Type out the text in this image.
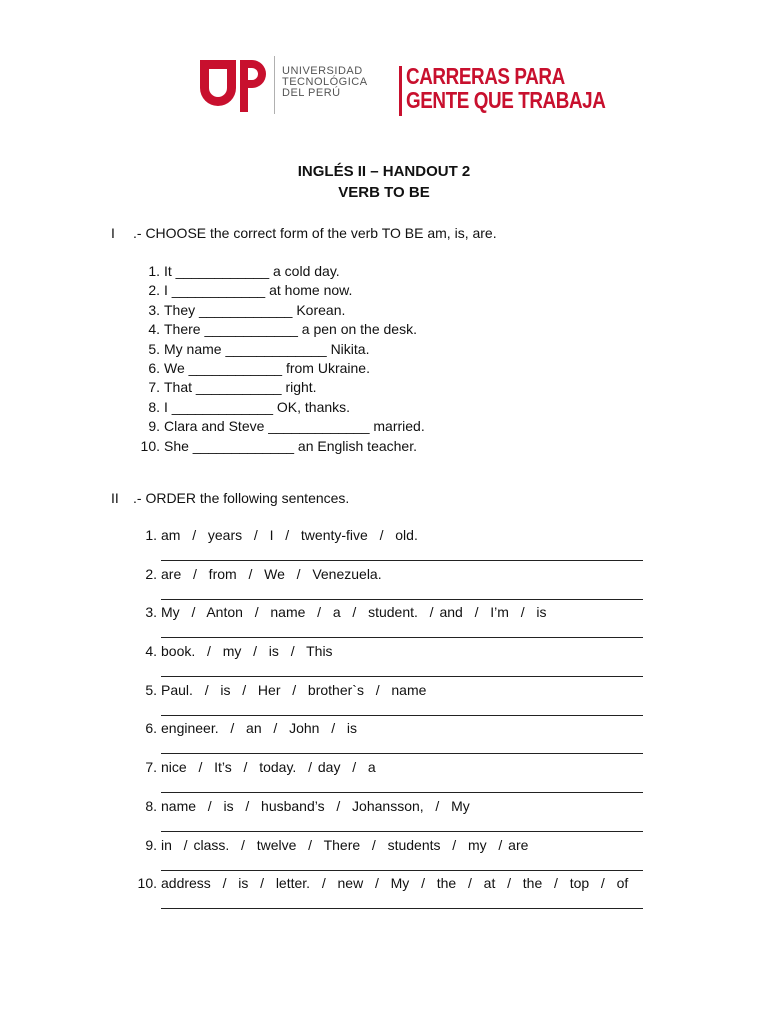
UNIVERSIDAD
TECNOLÓGICA
DEL PERÚ
CARRERAS PARA
GENTE QUE TRABAJA
INGLÉS II – HANDOUT 2
VERB TO BE
I .- CHOOSE the correct form of the verb TO BE am, is, are.
1. It ____________ a cold day.
2. I ____________ at home now.
3. They ____________ Korean.
4. There ____________ a pen on the desk.
5. My name _____________ Nikita.
6. We ____________ from Ukraine.
7. That ___________ right.
8. I _____________ OK, thanks.
9. Clara and Steve _____________ married.
10. She _____________ an English teacher.
II .- ORDER the following sentences.
1. am  /  years  /  I  /  twenty-five  /  old.
2. are  /  from  /  We  /  Venezuela.
3. My  /  Anton  /  name  /  a  /  student.  / and  /  I’m  /  is
4. book.  /  my  /  is  /  This
5. Paul.  /  is  /  Her  /  brother`s  /  name
6. engineer.  /  an  /  John  /  is
7. nice  /  It’s  /  today.  / day  /  a
8. name  /  is  /  husband’s  /  Johansson,  /  My
9. in  / class.  /  twelve  /  There  /  students  /  my  / are
10. address  /  is  /  letter.  /  new  /  My  /  the  /  at  /  the  /  top  /  of
